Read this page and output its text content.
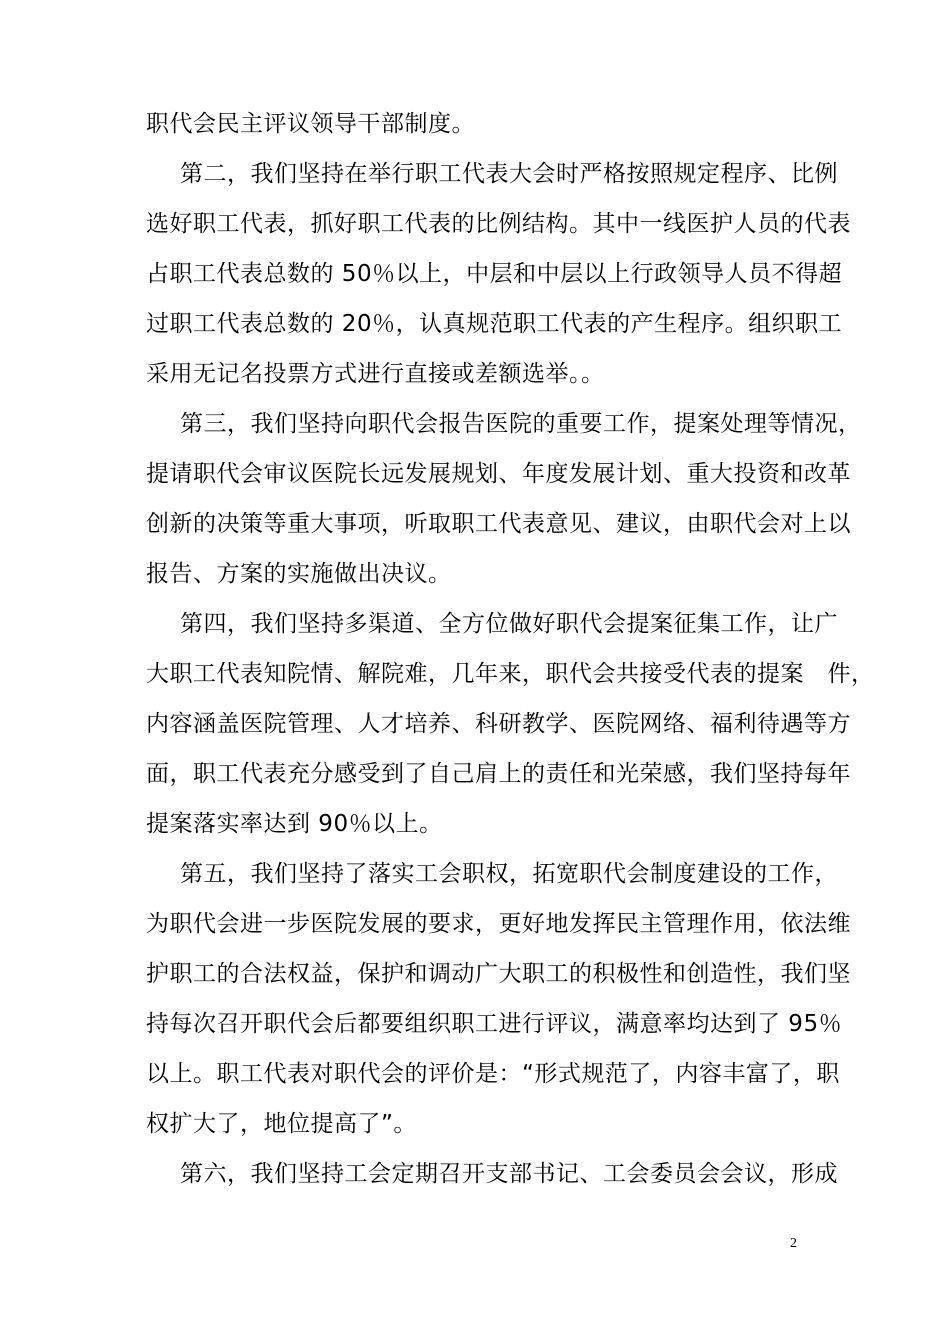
职代会民主评议领导干部制度。
第二，我们坚持在举行职工代表大会时严格按照规定程序、比例
选好职工代表，抓好职工代表的比例结构。其中一线医护人员的代表
占职工代表总数的 50％以上，中层和中层以上行政领导人员不得超
过职工代表总数的 20％，认真规范职工代表的产生程序。组织职工
采用无记名投票方式进行直接或差额选举。。
第三，我们坚持向职代会报告医院的重要工作，提案处理等情况，
提请职代会审议医院长远发展规划、年度发展计划、重大投资和改革
创新的决策等重大事项，听取职工代表意见、建议，由职代会对上以
报告、方案的实施做出决议。
第四，我们坚持多渠道、全方位做好职代会提案征集工作，让广
大职工代表知院情、解院难，几年来，职代会共接受代表的提案　件，
内容涵盖医院管理、人才培养、科研教学、医院网络、福利待遇等方
面，职工代表充分感受到了自己肩上的责任和光荣感，我们坚持每年
提案落实率达到 90％以上。
第五，我们坚持了落实工会职权，拓宽职代会制度建设的工作，
为职代会进一步医院发展的要求，更好地发挥民主管理作用，依法维
护职工的合法权益，保护和调动广大职工的积极性和创造性，我们坚
持每次召开职代会后都要组织职工进行评议，满意率均达到了 95％
以上。职工代表对职代会的评价是：“形式规范了，内容丰富了，职
权扩大了，地位提高了”。
第六，我们坚持工会定期召开支部书记、工会委员会会议，形成
2
